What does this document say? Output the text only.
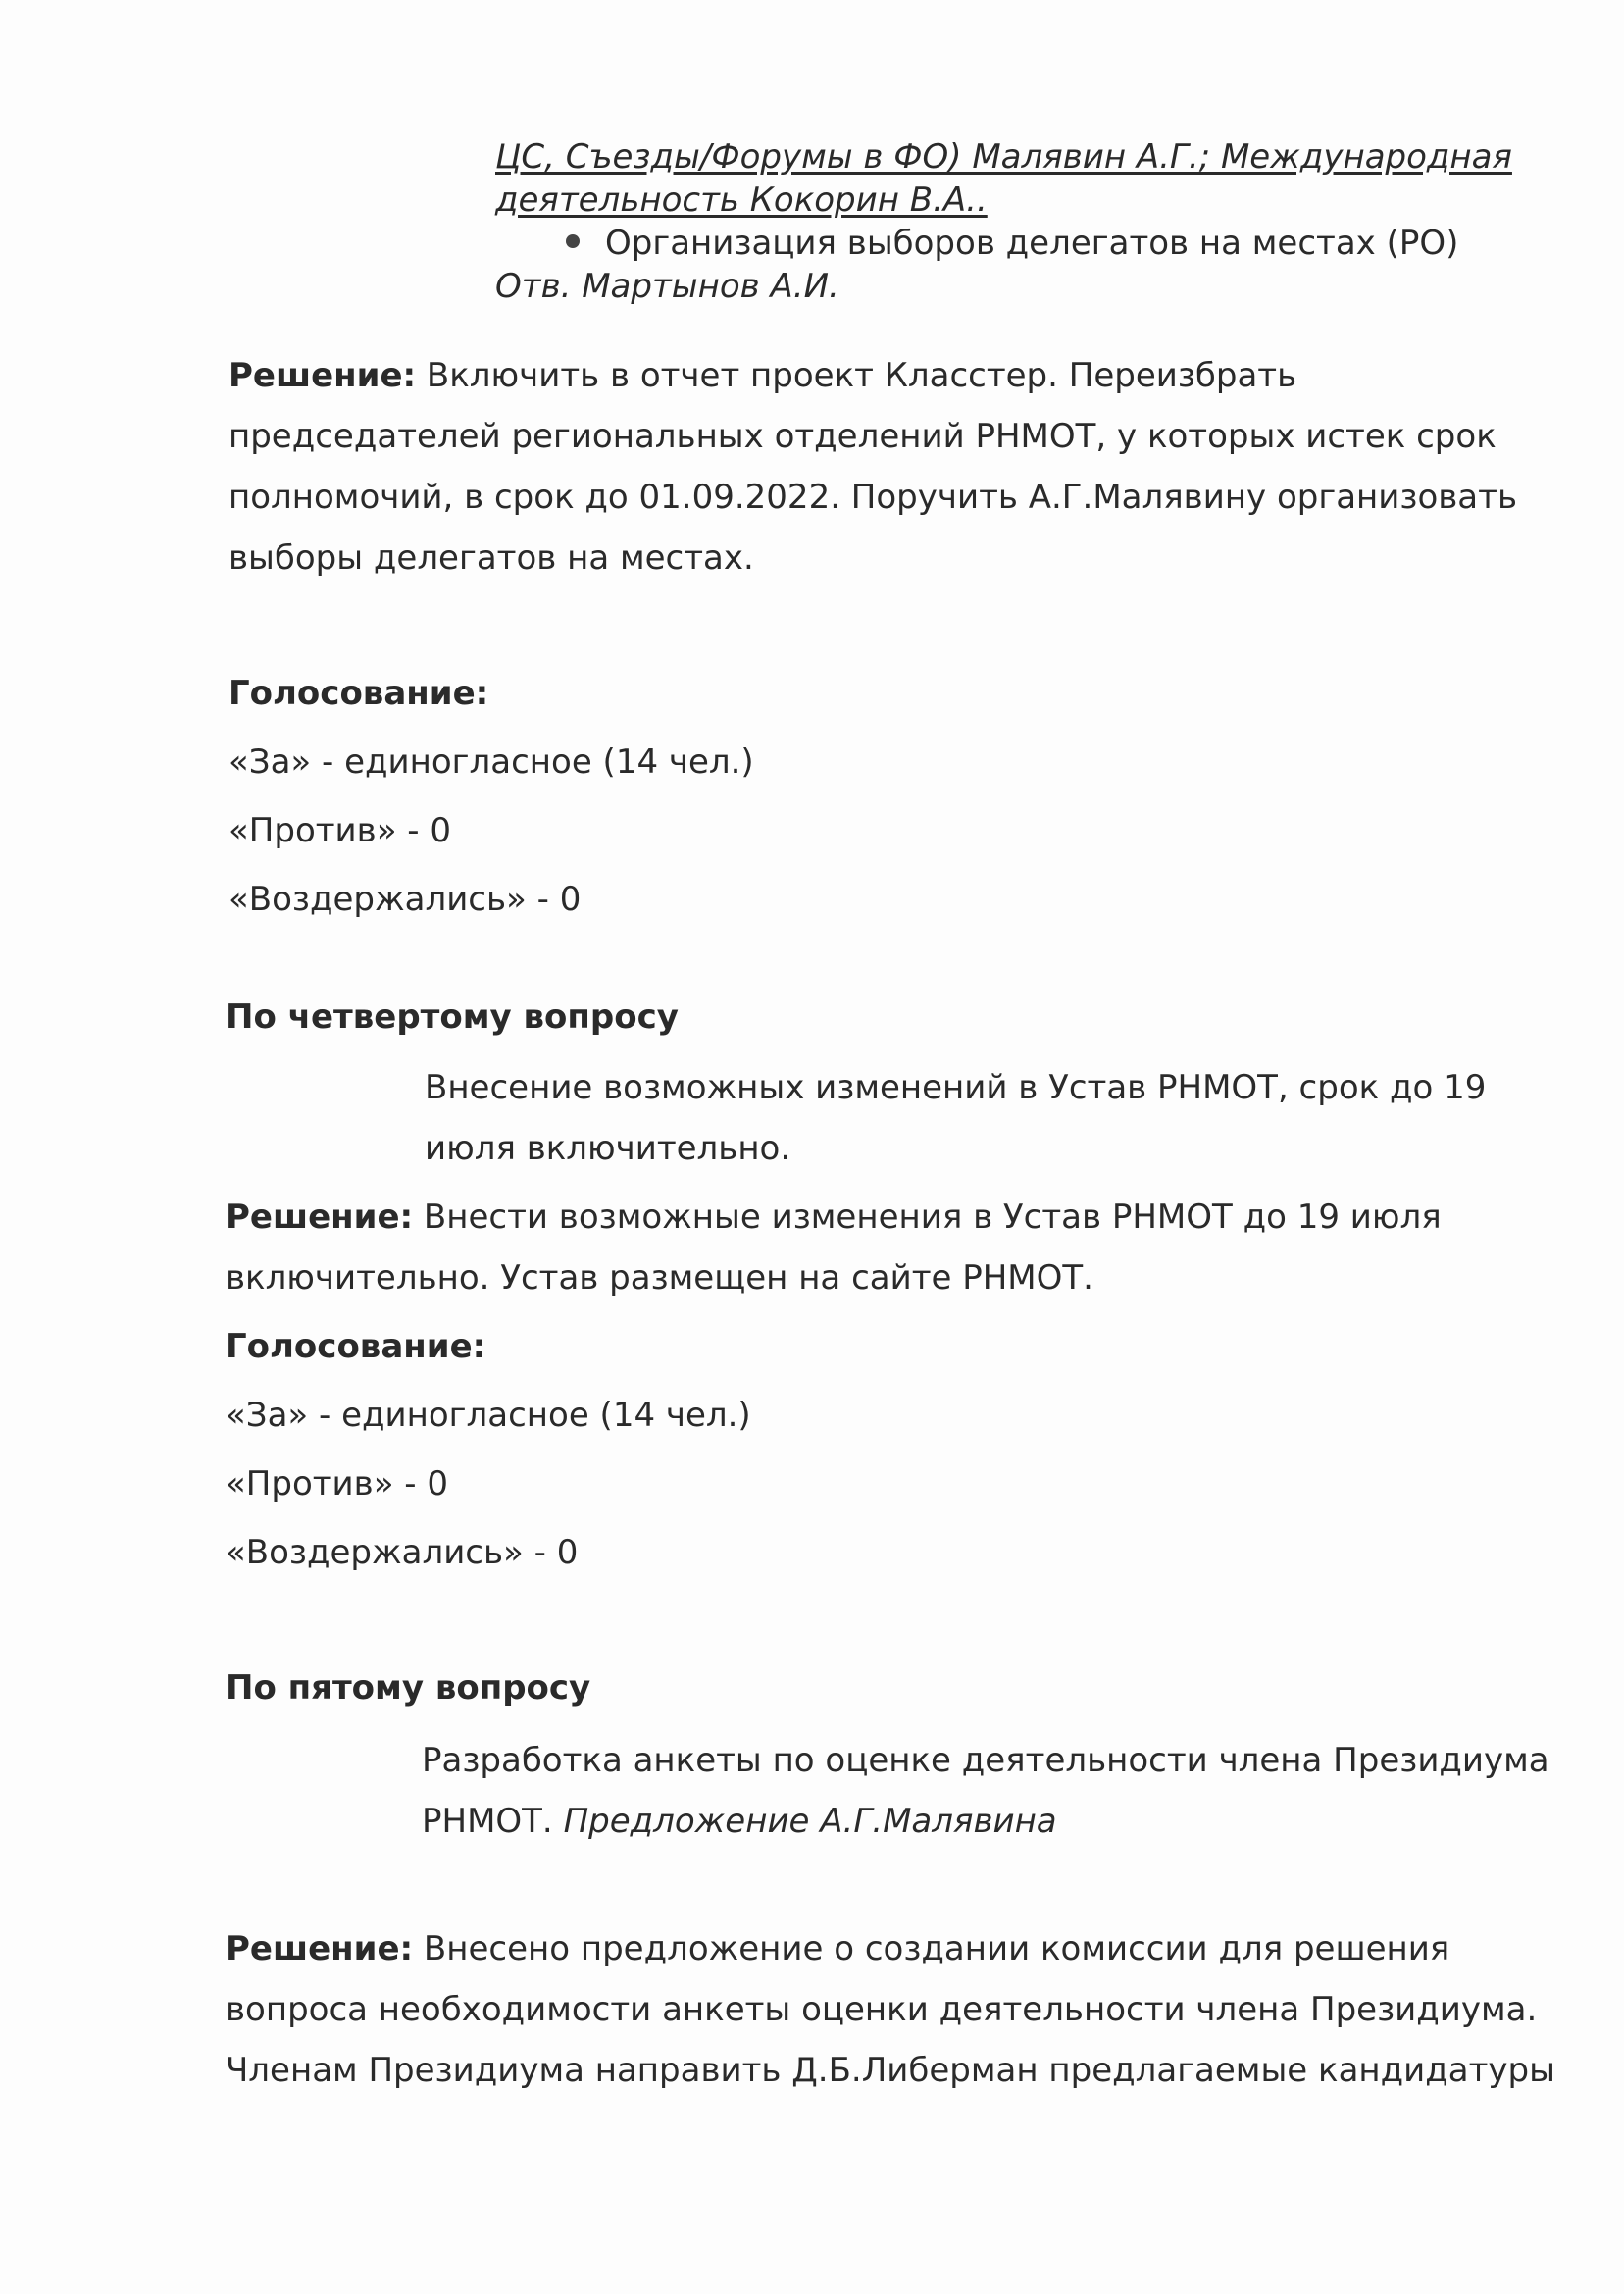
ЦС, Съезды/Форумы в ФО) Малявин А.Г.; Международная
деятельность Кокорин В.А..
Организация выборов делегатов на местах (РО)
Отв. Мартынов А.И.
Решение: Включить в отчет проект Класстер. Переизбрать
председателей региональных отделений РНМОТ, у которых истек срок
полномочий, в срок до 01.09.2022. Поручить А.Г.Малявину организовать
выборы делегатов на местах.
Голосование:
«За» - единогласное (14 чел.)
«Против» - 0
«Воздержались» - 0
По четвертому вопросу
Внесение возможных изменений в Устав РНМОТ, срок до 19
июля включительно.
Решение: Внести возможные изменения в Устав РНМОТ до 19 июля
включительно. Устав размещен на сайте РНМОТ.
Голосование:
«За» - единогласное (14 чел.)
«Против» - 0
«Воздержались» - 0
По пятому вопросу
Разработка анкеты по оценке деятельности члена Президиума
РНМОТ. Предложение А.Г.Малявина
Решение: Внесено предложение о создании комиссии для решения
вопроса необходимости анкеты оценки деятельности члена Президиума.
Членам Президиума направить Д.Б.Либерман предлагаемые кандидатуры
